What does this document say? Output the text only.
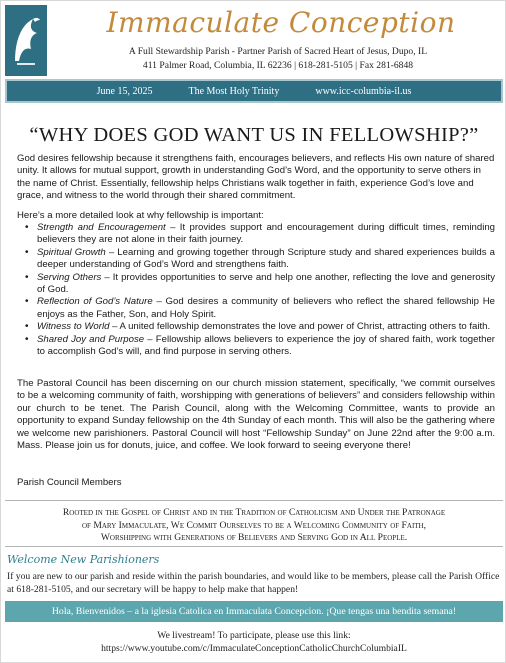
Immaculate Conception
A Full Stewardship Parish - Partner Parish of Sacred Heart of Jesus, Dupo, IL
411 Palmer Road, Columbia, IL 62236 | 618-281-5105 | Fax 281-6848
June 15, 2025	The Most Holy Trinity	www.icc-columbia-il.us
“WHY DOES GOD WANT US IN FELLOWSHIP?”

God desires fellowship because it strengthens faith, encourages believers, and reflects His own nature of shared unity. It allows for mutual support, growth in understanding God’s Word, and the opportunity to serve others in the name of Christ. Essentially, fellowship helps Christians walk together in faith, experience God’s love and grace, and witness to the world through their shared commitment.

Here’s a more detailed look at why fellowship is important:
• Strength and Encouragement – It provides support and encouragement during difficult times, reminding believers they are not alone in their faith journey.
• Spiritual Growth – Learning and growing together through Scripture study and shared experiences builds a deeper understanding of God’s Word and strengthens faith.
• Serving Others – It provides opportunities to serve and help one another, reflecting the love and generosity of God.
• Reflection of God’s Nature – God desires a community of believers who reflect the shared fellowship He enjoys as the Father, Son, and Holy Spirit.
• Witness to World – A united fellowship demonstrates the love and power of Christ, attracting others to faith.
• Shared Joy and Purpose – Fellowship allows believers to experience the joy of shared faith, work together to accomplish God’s will, and find purpose in serving others.

The Pastoral Council has been discerning on our church mission statement, specifically, “we commit ourselves to be a welcoming community of faith, worshipping with generations of believers” and considers fellowship within our church to be tenet. The Parish Council, along with the Welcoming Committee, wants to provide an opportunity to expand Sunday fellowship on the 4th Sunday of each month. This will also be the gathering where we welcome new parishioners. Pastoral Council will host “Fellowship Sunday” on June 22nd after the 9:00 a.m. Mass. Please join us for donuts, juice, and coffee. We look forward to seeing everyone there!

Parish Council Members
Rooted in the Gospel of Christ and in the Tradition of Catholicism and Under the Patronage
of Mary Immaculate, We Commit Ourselves to be a Welcoming Community of Faith,
Worshipping with Generations of Believers and Serving God in All People.
Welcome New Parishioners
If you are new to our parish and reside within the parish boundaries, and would like to be members, please call the Parish Office at 618-281-5105, and our secretary will be happy to help make that happen!
Hola, Bienvenidos – a la iglesia Catolica en Immaculata Concepcion. ¡Que tengas una bendita semana!
We livestream! To participate, please use this link:
https://www.youtube.com/c/ImmaculateConceptionCatholicChurchColumbiaIL
